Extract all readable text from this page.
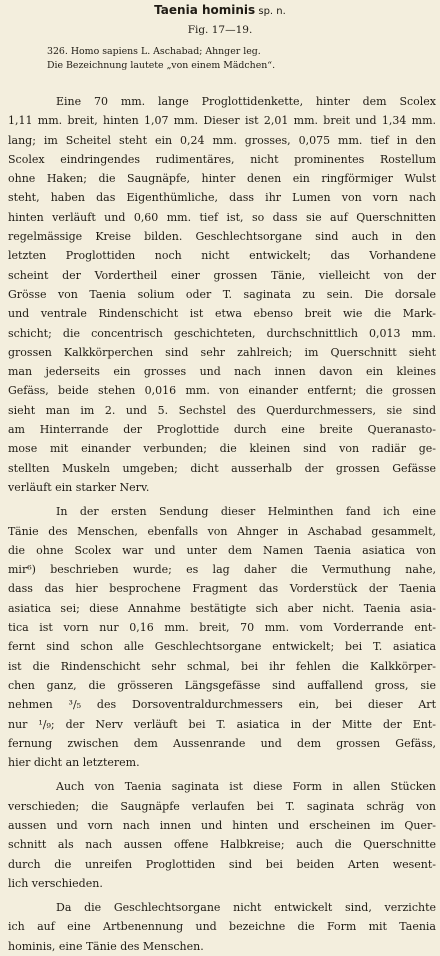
Taenia hominis sp. n.
Fig. 17—19.
326. Homo sapiens L. Aschabad; Ahnger leg.
Die Bezeichnung lautete „von einem Mädchen“.
Eine 70 mm. lange Proglottidenkette, hinter dem Scolex
1,11 mm. breit, hinten 1,07 mm. Dieser ist 2,01 mm. breit und 1,34 mm.
lang; im Scheitel steht ein 0,24 mm. grosses, 0,075 mm. tief in den
Scolex eindringendes rudimentäres, nicht prominentes Rostellum
ohne Haken; die Saugnäpfe, hinter denen ein ringförmiger Wulst
steht, haben das Eigenthümliche, dass ihr Lumen von vorn nach
hinten verläuft und 0,60 mm. tief ist, so dass sie auf Querschnitten
regelmässige Kreise bilden. Geschlechtsorgane sind auch in den
letzten Proglottiden noch nicht entwickelt; das Vorhandene
scheint der Vordertheil einer grossen Tänie, vielleicht von der
Grösse von Taenia solium oder T. saginata zu sein. Die dorsale
und ventrale Rindenschicht ist etwa ebenso breit wie die Mark-
schicht; die concentrisch geschichteten, durchschnittlich 0,013 mm.
grossen Kalkkörperchen sind sehr zahlreich; im Querschnitt sieht
man jederseits ein grosses und nach innen davon ein kleines
Gefäss, beide stehen 0,016 mm. von einander entfernt; die grossen
sieht man im 2. und 5. Sechstel des Querdurchmessers, sie sind
am Hinterrande der Proglottide durch eine breite Queranasto-
mose mit einander verbunden; die kleinen sind von radiär ge-
stellten Muskeln umgeben; dicht ausserhalb der grossen Gefässe
verläuft ein starker Nerv.
In der ersten Sendung dieser Helminthen fand ich eine
Tänie des Menschen, ebenfalls von Ahnger in Aschabad gesammelt,
die ohne Scolex war und unter dem Namen Taenia asiatica von
mir⁶) beschrieben wurde; es lag daher die Vermuthung nahe,
dass das hier besprochene Fragment das Vorderstück der Taenia
asiatica sei; diese Annahme bestätigte sich aber nicht. Taenia asia-
tica ist vorn nur 0,16 mm. breit, 70 mm. vom Vorderrande ent-
fernt sind schon alle Geschlechtsorgane entwickelt; bei T. asiatica
ist die Rindenschicht sehr schmal, bei ihr fehlen die Kalkkörper-
chen ganz, die grösseren Längsgefässe sind auffallend gross, sie
nehmen ³/₅ des Dorsoventraldurchmessers ein, bei dieser Art
nur ¹/₉; der Nerv verläuft bei T. asiatica in der Mitte der Ent-
fernung zwischen dem Aussenrande und dem grossen Gefäss,
hier dicht an letzterem.
Auch von Taenia saginata ist diese Form in allen Stücken
verschieden; die Saugnäpfe verlaufen bei T. saginata schräg von
aussen und vorn nach innen und hinten und erscheinen im Quer-
schnitt als nach aussen offene Halbkreise; auch die Querschnitte
durch die unreifen Proglottiden sind bei beiden Arten wesent-
lich verschieden.
Da die Geschlechtsorgane nicht entwickelt sind, verzichte
ich auf eine Artbenennung und bezeichne die Form mit Taenia
hominis, eine Tänie des Menschen.
